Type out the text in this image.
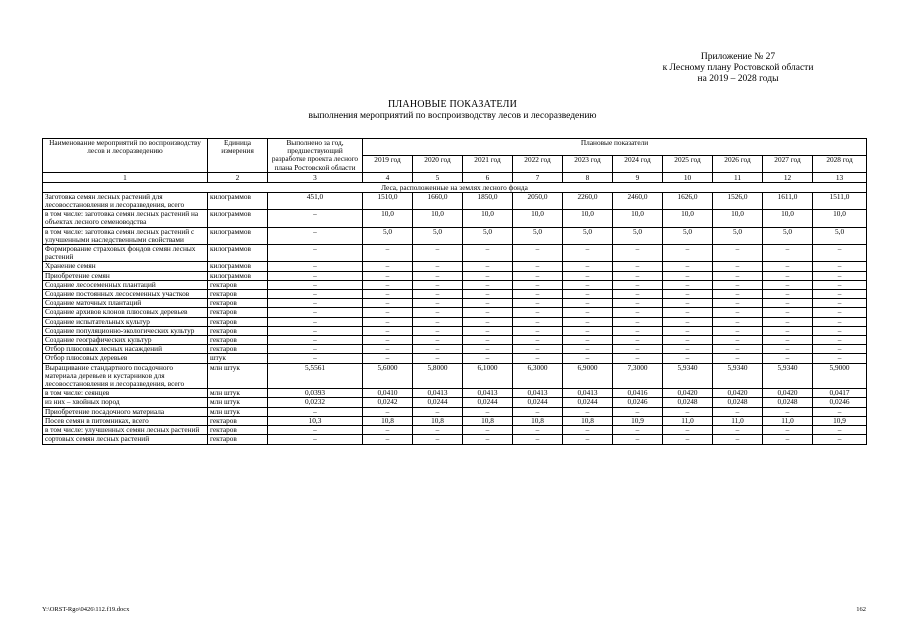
Приложение № 27
к Лесному плану Ростовской области
на 2019 – 2028 годы
ПЛАНОВЫЕ ПОКАЗАТЕЛИ
выполнения мероприятий по воспроизводству лесов и лесоразведению
Наименование мероприятий по воспроизводству лесов и лесоразведению	Единица измерения	Выполнено за год, предшествующий разработке проекта лесного плана Ростовской области	Плановые показатели									
			2019 год	2020 год	2021 год	2022 год	2023 год	2024 год	2025 год	2026 год	2027 год	2028 год
1	2	3	4	5	6	7	8	9	10	11	12	13
Леса, расположенные на землях лесного фонда												
Заготовка семян лесных растений для лесовосстановления и лесоразведения, всего	килограммов	451,0	1510,0	1660,0	1850,0	2050,0	2260,0	2460,0	1626,0	1526,0	1611,0	1511,0
в том числе: заготовка семян лесных растений на объектах лесного семеноводства	килограммов	–	10,0	10,0	10,0	10,0	10,0	10,0	10,0	10,0	10,0	10,0
в том числе: заготовка семян лесных растений с улучшенными наследственными свойствами	килограммов	–	5,0	5,0	5,0	5,0	5,0	5,0	5,0	5,0	5,0	5,0
Формирование страховых фондов семян лесных растений	килограммов	–	–	–	–	–	–	–	–	–	–	–
Хранение семян	килограммов	–	–	–	–	–	–	–	–	–	–	–
Приобретение семян	килограммов	–	–	–	–	–	–	–	–	–	–	–
Создание лесосеменных плантаций	гектаров	–	–	–	–	–	–	–	–	–	–	–
Создание постоянных лесосеменных участков	гектаров	–	–	–	–	–	–	–	–	–	–	–
Создание маточных плантаций	гектаров	–	–	–	–	–	–	–	–	–	–	–
Создание архивов клонов плюсовых деревьев	гектаров	–	–	–	–	–	–	–	–	–	–	–
Создание испытательных культур	гектаров	–	–	–	–	–	–	–	–	–	–	–
Создание популяционно-экологических культур	гектаров	–	–	–	–	–	–	–	–	–	–	–
Создание географических культур	гектаров	–	–	–	–	–	–	–	–	–	–	–
Отбор плюсовых лесных насаждений	гектаров	–	–	–	–	–	–	–	–	–	–	–
Отбор плюсовых деревьев	штук	–	–	–	–	–	–	–	–	–	–	–
Выращивание стандартного посадочного материала деревьев и кустарников для лесовосстановления и лесоразведения, всего	млн штук	5,5561	5,6000	5,8000	6,1000	6,3000	6,9000	7,3000	5,9340	5,9340	5,9340	5,9000
в том числе: сеянцев	млн штук	0,0393	0,0410	0,0413	0,0413	0,0413	0,0413	0,0416	0,0420	0,0420	0,0420	0,0417
из них – хвойных пород	млн штук	0,0232	0,0242	0,0244	0,0244	0,0244	0,0244	0,0246	0,0248	0,0248	0,0248	0,0246
Приобретение посадочного материала	млн штук	–	–	–	–	–	–	–	–	–	–	–
Посев семян в питомниках, всего	гектаров	10,3	10,8	10,8	10,8	10,8	10,8	10,9	11,0	11,0	11,0	10,9
в том числе: улучшенных семян лесных растений	гектаров	–	–	–	–	–	–	–	–	–	–	–
сортовых семян лесных растений	гектаров	–	–	–	–	–	–	–	–	–	–	–
Y:\ORST-Rgo\0426\112.f19.docx	162
